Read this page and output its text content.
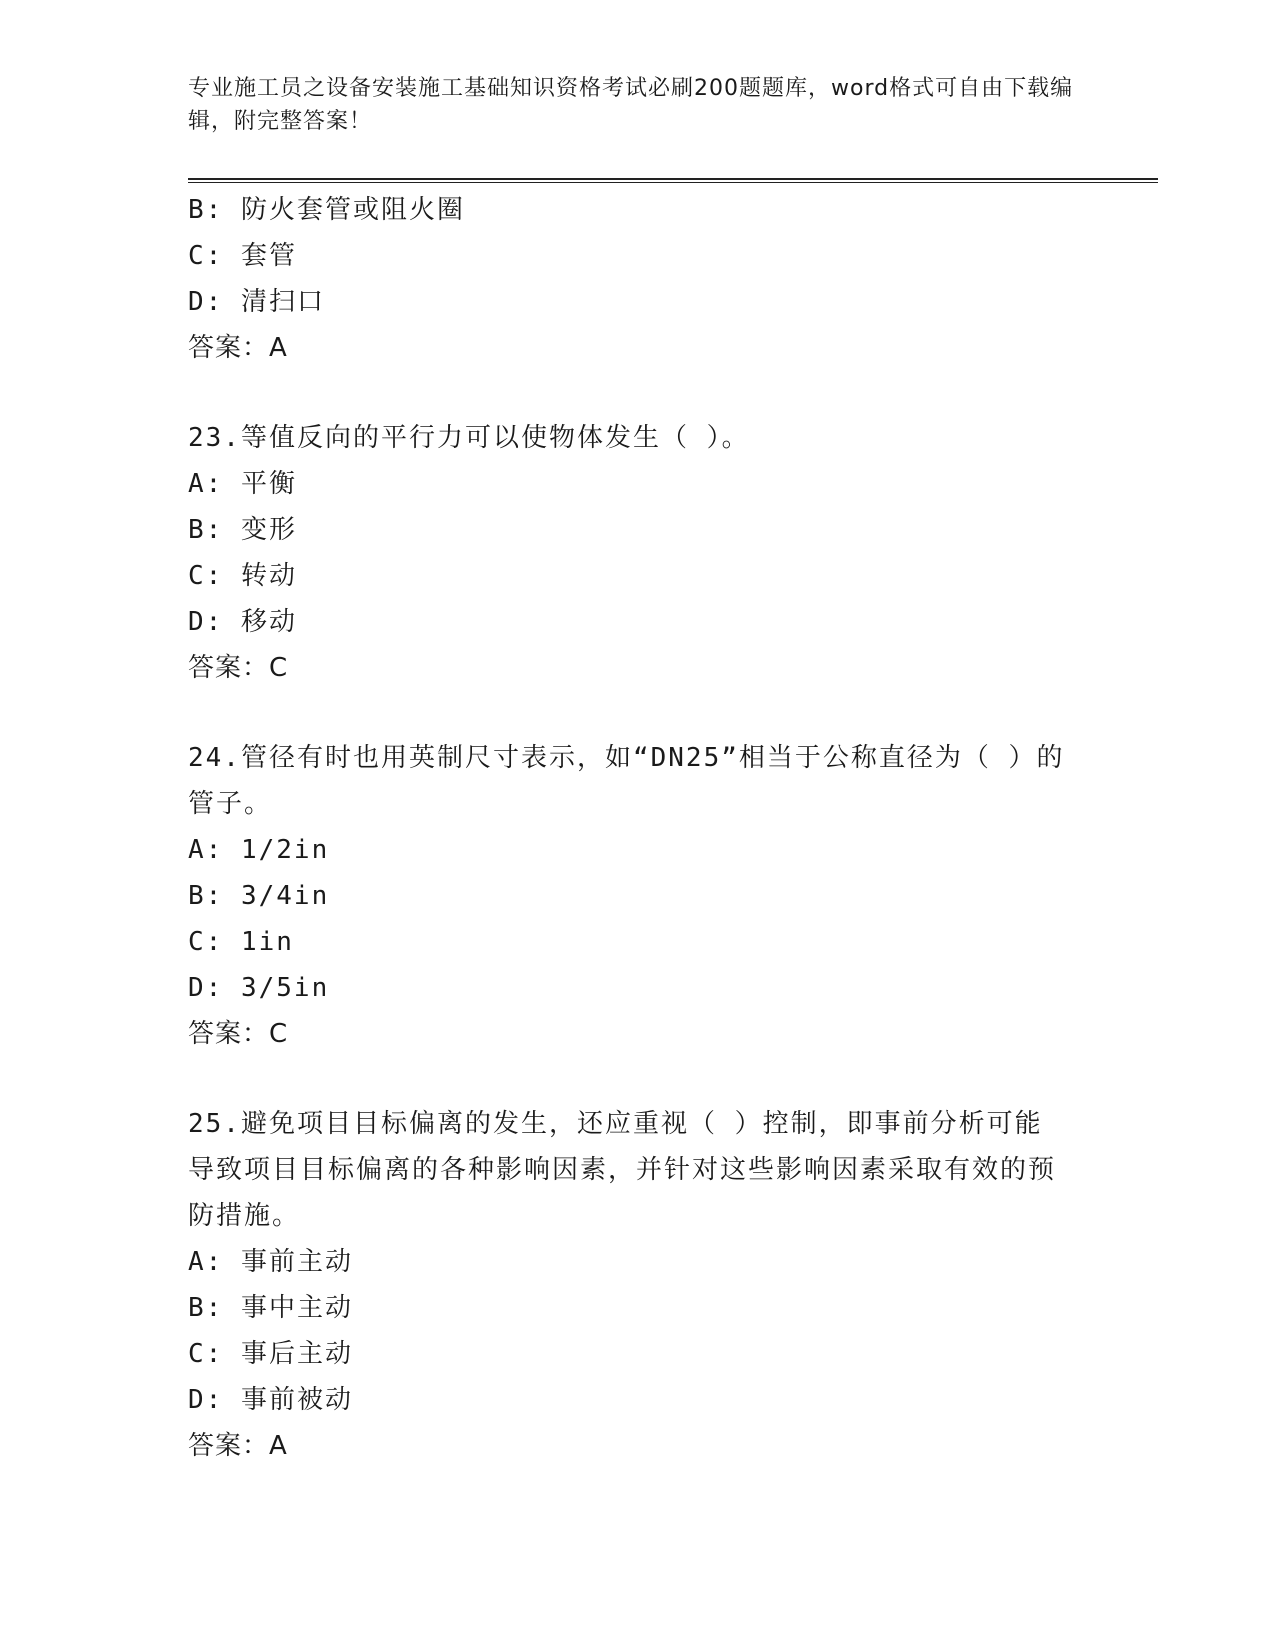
专业施工员之设备安装施工基础知识资格考试必刷200题题库，word格式可自由下载编辑，附完整答案！
B: 防火套管或阻火圈
C: 套管
D: 清扫口
答案：A
23.等值反向的平行力可以使物体发生（ ）。
A: 平衡
B: 变形
C: 转动
D: 移动
答案：C
24.管径有时也用英制尺寸表示，如“DN25”相当于公称直径为（ ）的管子。
A: 1/2in
B: 3/4in
C: 1in
D: 3/5in
答案：C
25.避免项目目标偏离的发生，还应重视（ ）控制，即事前分析可能导致项目目标偏离的各种影响因素，并针对这些影响因素采取有效的预防措施。
A: 事前主动
B: 事中主动
C: 事后主动
D: 事前被动
答案：A
